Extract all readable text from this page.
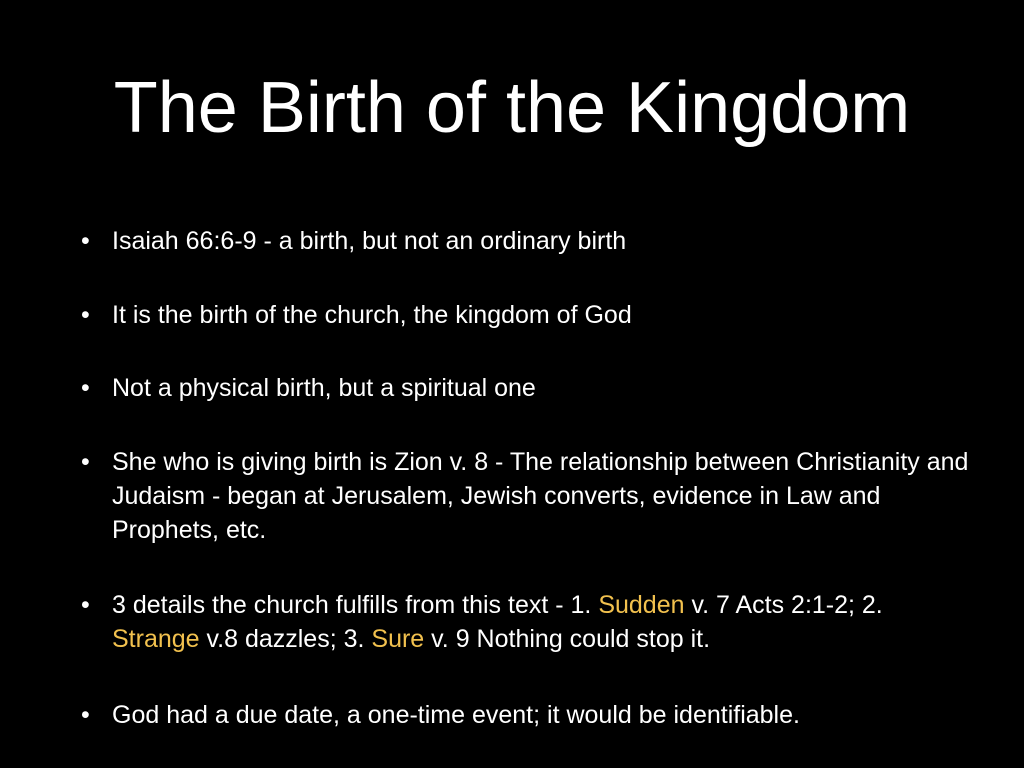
The Birth of the Kingdom
• Isaiah 66:6-9 - a birth, but not an ordinary birth
• It is the birth of the church, the kingdom of God
• Not a physical birth, but a spiritual one
• She who is giving birth is Zion v. 8 - The relationship between Christianity and Judaism - began at Jerusalem, Jewish converts, evidence in Law and Prophets, etc.
• 3 details the church fulfills from this text - 1. Sudden v. 7 Acts 2:1-2; 2. Strange v.8 dazzles; 3. Sure v. 9 Nothing could stop it.
• God had a due date, a one-time event; it would be identifiable.
